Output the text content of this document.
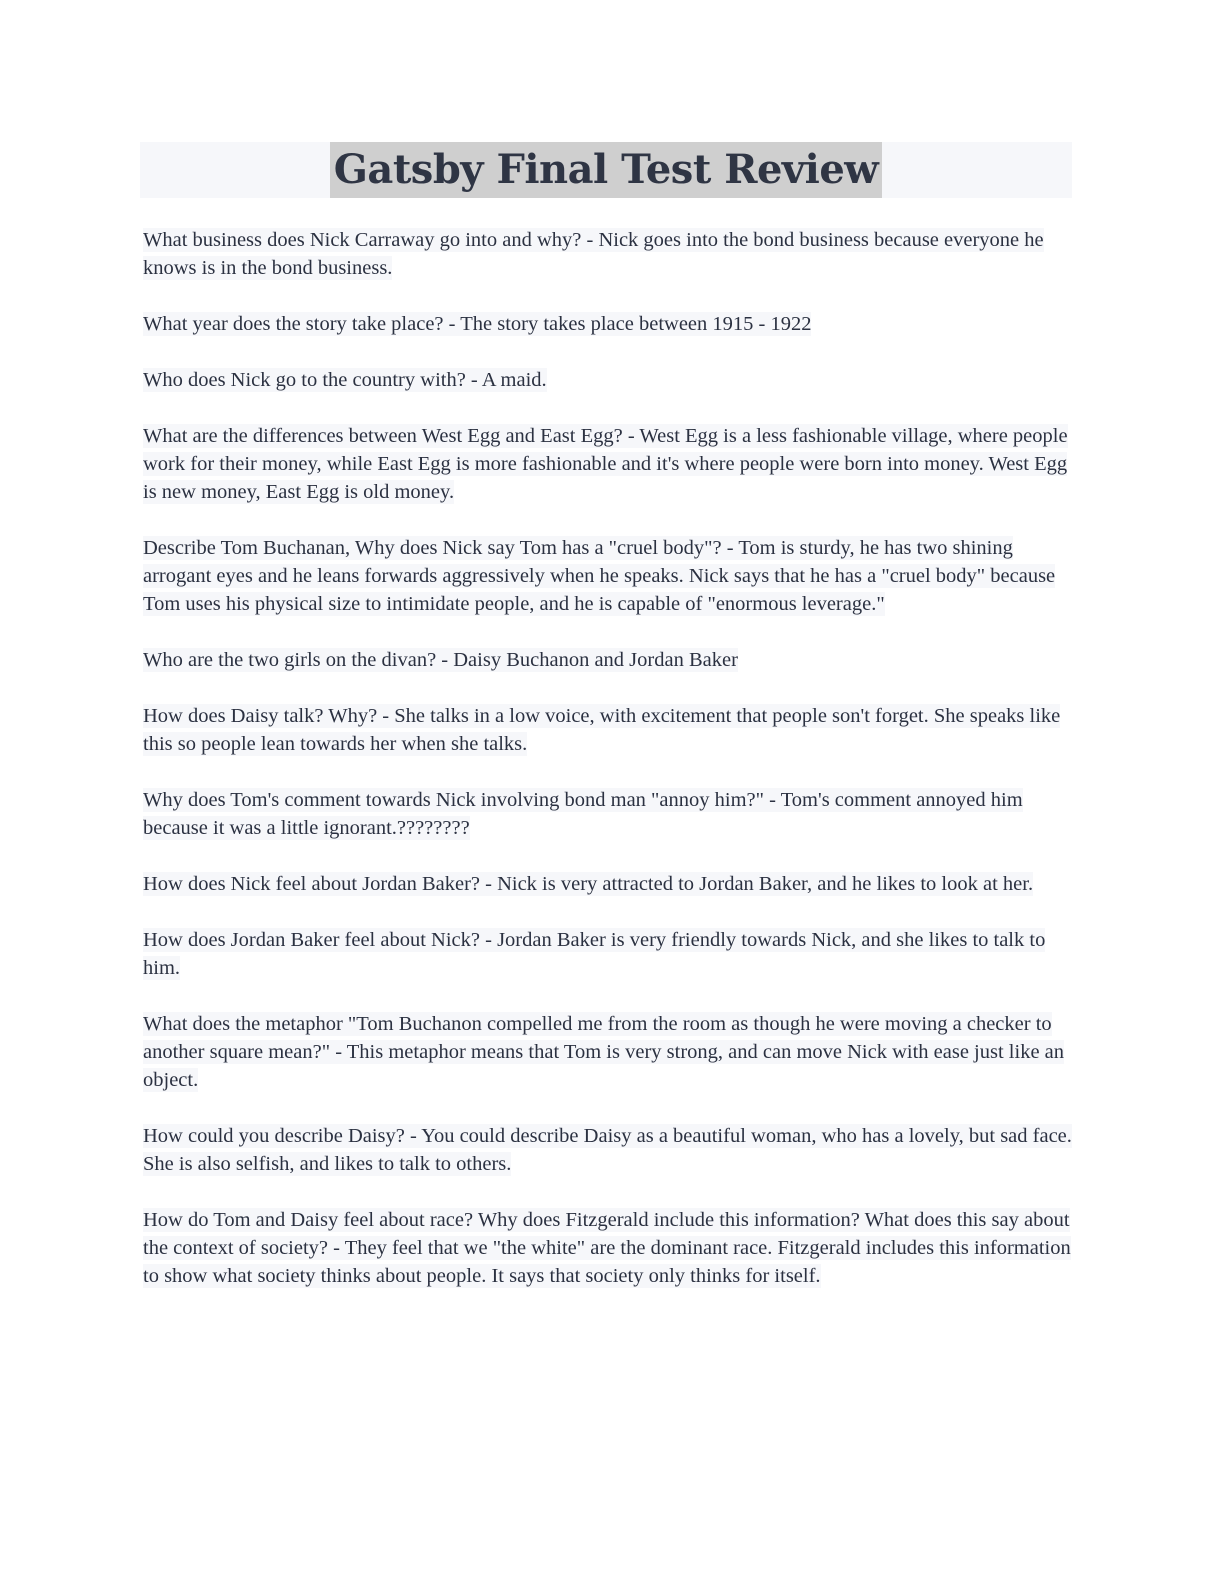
Gatsby Final Test Review

What business does Nick Carraway go into and why? - Nick goes into the bond business because everyone he knows is in the bond business.

What year does the story take place? - The story takes place between 1915 - 1922

Who does Nick go to the country with? - A maid.

What are the differences between West Egg and East Egg? - West Egg is a less fashionable village, where people work for their money, while East Egg is more fashionable and it's where people were born into money. West Egg is new money, East Egg is old money.

Describe Tom Buchanan, Why does Nick say Tom has a "cruel body"? - Tom is sturdy, he has two shining arrogant eyes and he leans forwards aggressively when he speaks. Nick says that he has a "cruel body" because Tom uses his physical size to intimidate people, and he is capable of "enormous leverage."

Who are the two girls on the divan? - Daisy Buchanon and Jordan Baker

How does Daisy talk? Why? - She talks in a low voice, with excitement that people son't forget. She speaks like this so people lean towards her when she talks.

Why does Tom's comment towards Nick involving bond man "annoy him?" - Tom's comment annoyed him because it was a little ignorant.????????

How does Nick feel about Jordan Baker? - Nick is very attracted to Jordan Baker, and he likes to look at her.

How does Jordan Baker feel about Nick? - Jordan Baker is very friendly towards Nick, and she likes to talk to him.

What does the metaphor "Tom Buchanon compelled me from the room as though he were moving a checker to another square mean?" - This metaphor means that Tom is very strong, and can move Nick with ease just like an object.

How could you describe Daisy? - You could describe Daisy as a beautiful woman, who has a lovely, but sad face. She is also selfish, and likes to talk to others.

How do Tom and Daisy feel about race? Why does Fitzgerald include this information? What does this say about the context of society? - They feel that we "the white" are the dominant race. Fitzgerald includes this information to show what society thinks about people. It says that society only thinks for itself.
